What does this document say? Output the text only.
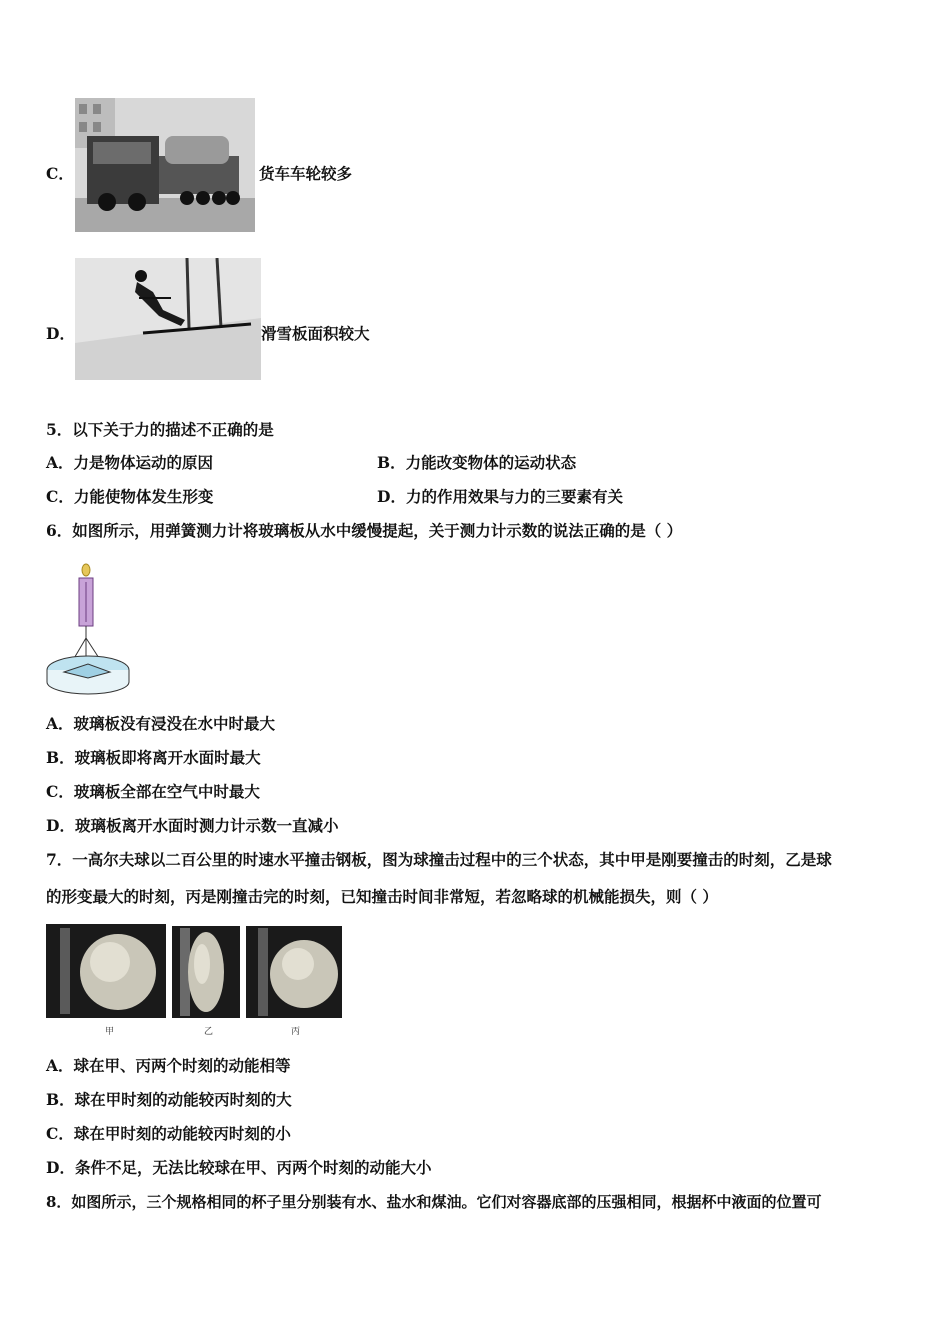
C．	货车车轮较多
D．	滑雪板面积较大
5．以下关于力的描述不正确的是
A．力是物体运动的原因	B．力能改变物体的运动状态
C．力能使物体发生形变	D．力的作用效果与力的三要素有关
6．如图所示，用弹簧测力计将玻璃板从水中缓慢提起，关于测力计示数的说法正确的是（ ）
A．玻璃板没有浸没在水中时最大
B．玻璃板即将离开水面时最大
C．玻璃板全部在空气中时最大
D．玻璃板离开水面时测力计示数一直减小
7．一高尔夫球以二百公里的时速水平撞击钢板，图为球撞击过程中的三个状态，其中甲是刚要撞击的时刻，乙是球
的形变最大的时刻，丙是刚撞击完的时刻，已知撞击时间非常短，若忽略球的机械能损失，则（ ）
甲	乙	丙
A．球在甲、丙两个时刻的动能相等
B．球在甲时刻的动能较丙时刻的大
C．球在甲时刻的动能较丙时刻的小
D．条件不足，无法比较球在甲、丙两个时刻的动能大小
8．如图所示，三个规格相同的杯子里分别装有水、盐水和煤油。它们对容器底部的压强相同，根据杯中液面的位置可
